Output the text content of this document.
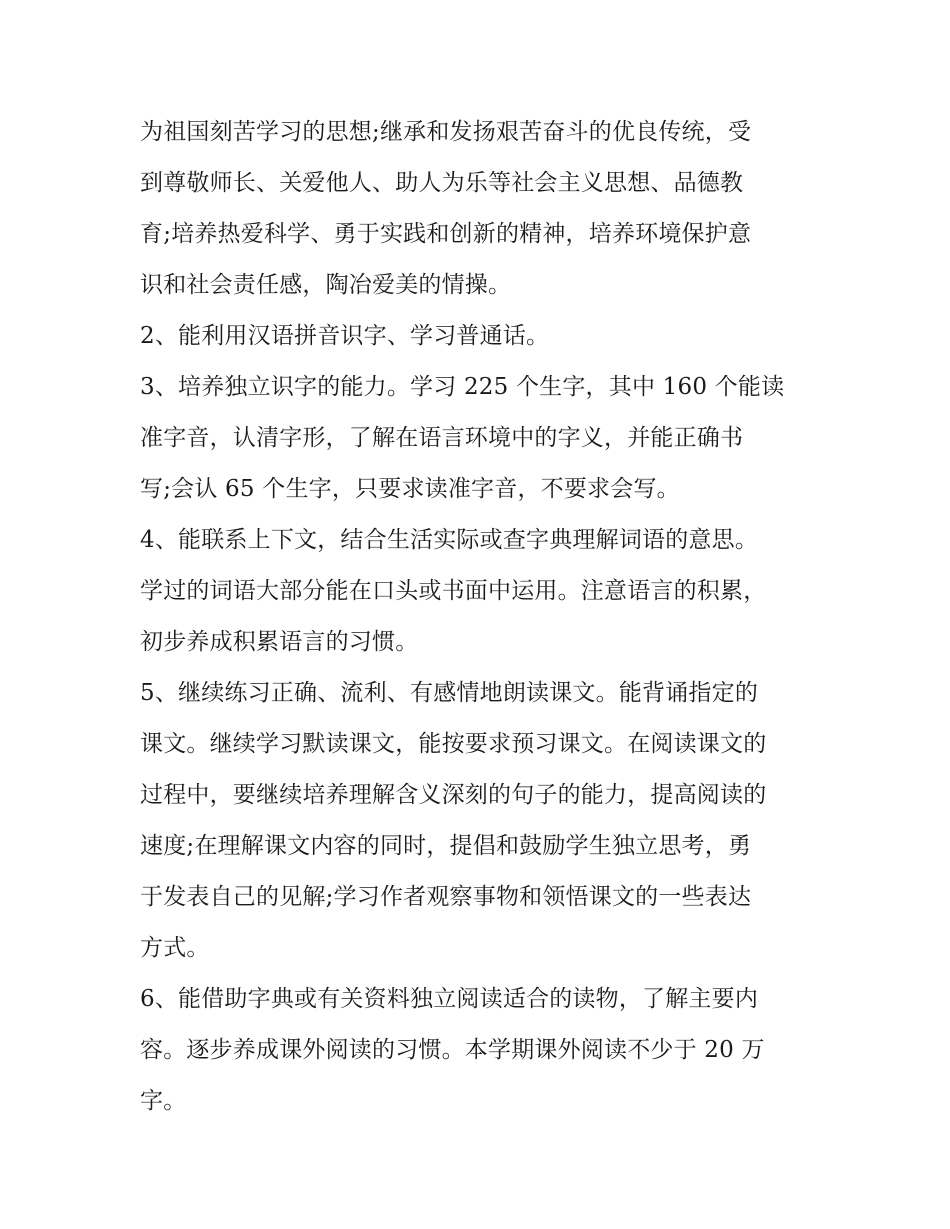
为祖国刻苦学习的思想;继承和发扬艰苦奋斗的优良传统，受
到尊敬师长、关爱他人、助人为乐等社会主义思想、品德教
育;培养热爱科学、勇于实践和创新的精神，培养环境保护意
识和社会责任感，陶冶爱美的情操。
2、能利用汉语拼音识字、学习普通话。
3、培养独立识字的能力。学习 225 个生字，其中 160 个能读
准字音，认清字形，了解在语言环境中的字义，并能正确书
写;会认 65 个生字，只要求读准字音，不要求会写。
4、能联系上下文，结合生活实际或查字典理解词语的意思。
学过的词语大部分能在口头或书面中运用。注意语言的积累，
初步养成积累语言的习惯。
5、继续练习正确、流利、有感情地朗读课文。能背诵指定的
课文。继续学习默读课文，能按要求预习课文。在阅读课文的
过程中，要继续培养理解含义深刻的句子的能力，提高阅读的
速度;在理解课文内容的同时，提倡和鼓励学生独立思考，勇
于发表自己的见解;学习作者观察事物和领悟课文的一些表达
方式。
6、能借助字典或有关资料独立阅读适合的读物，了解主要内
容。逐步养成课外阅读的习惯。本学期课外阅读不少于 20 万
字。
